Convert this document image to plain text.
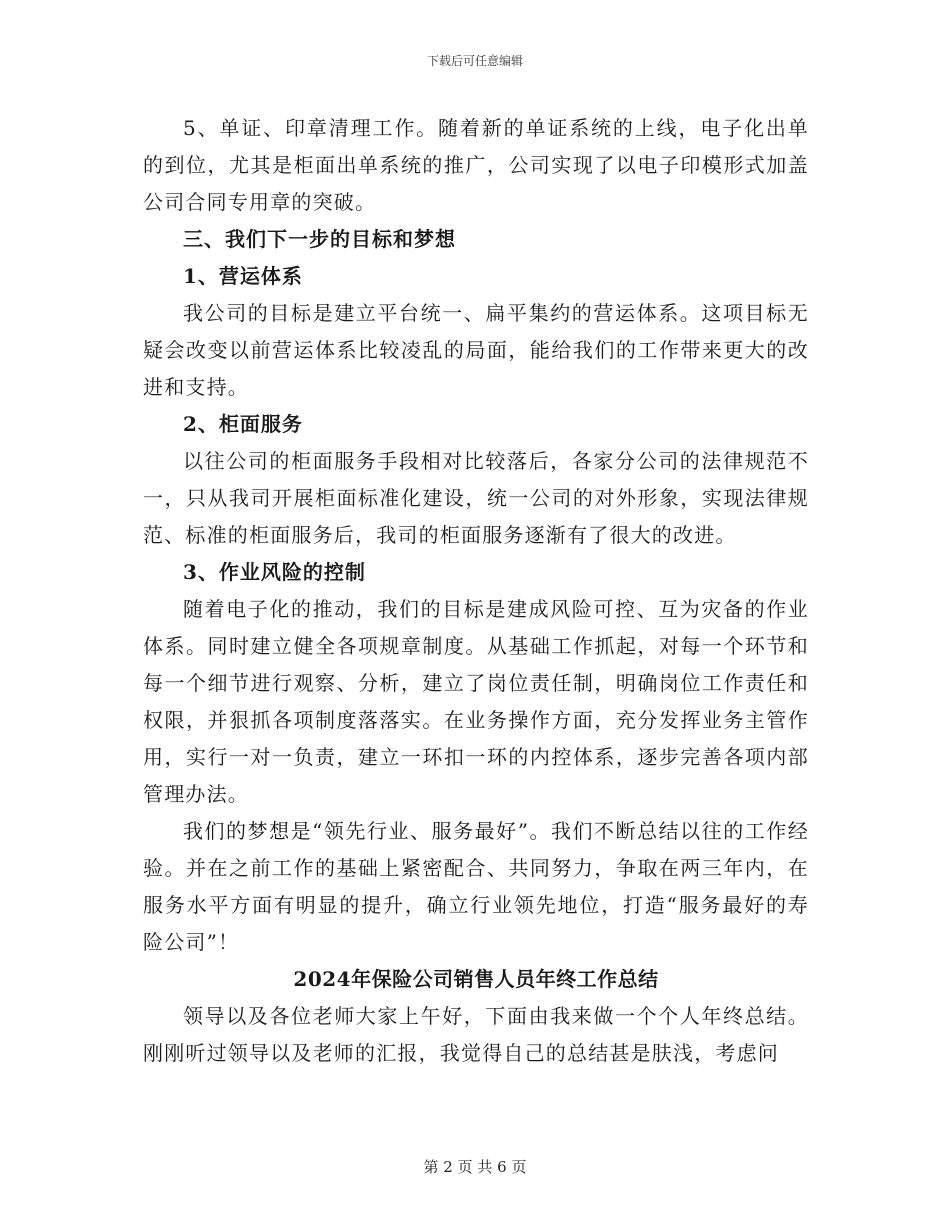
下载后可任意编辑

5、单证、印章清理工作。随着新的单证系统的上线，电子化出单的到位，尤其是柜面出单系统的推广，公司实现了以电子印模形式加盖公司合同专用章的突破。

三、我们下一步的目标和梦想

1、营运体系

我公司的目标是建立平台统一、扁平集约的营运体系。这项目标无疑会改变以前营运体系比较凌乱的局面，能给我们的工作带来更大的改进和支持。

2、柜面服务

以往公司的柜面服务手段相对比较落后，各家分公司的法律规范不一，只从我司开展柜面标准化建设，统一公司的对外形象，实现法律规范、标准的柜面服务后，我司的柜面服务逐渐有了很大的改进。

3、作业风险的控制

随着电子化的推动，我们的目标是建成风险可控、互为灾备的作业体系。同时建立健全各项规章制度。从基础工作抓起，对每一个环节和每一个细节进行观察、分析，建立了岗位责任制，明确岗位工作责任和权限，并狠抓各项制度落落实。在业务操作方面，充分发挥业务主管作用，实行一对一负责，建立一环扣一环的内控体系，逐步完善各项内部管理办法。

我们的梦想是“领先行业、服务最好”。我们不断总结以往的工作经验。并在之前工作的基础上紧密配合、共同努力，争取在两三年内，在服务水平方面有明显的提升，确立行业领先地位，打造“服务最好的寿险公司”！

2024年保险公司销售人员年终工作总结

领导以及各位老师大家上午好，下面由我来做一个个人年终总结。刚刚听过领导以及老师的汇报，我觉得自己的总结甚是肤浅，考虑问

第 2 页 共 6 页
